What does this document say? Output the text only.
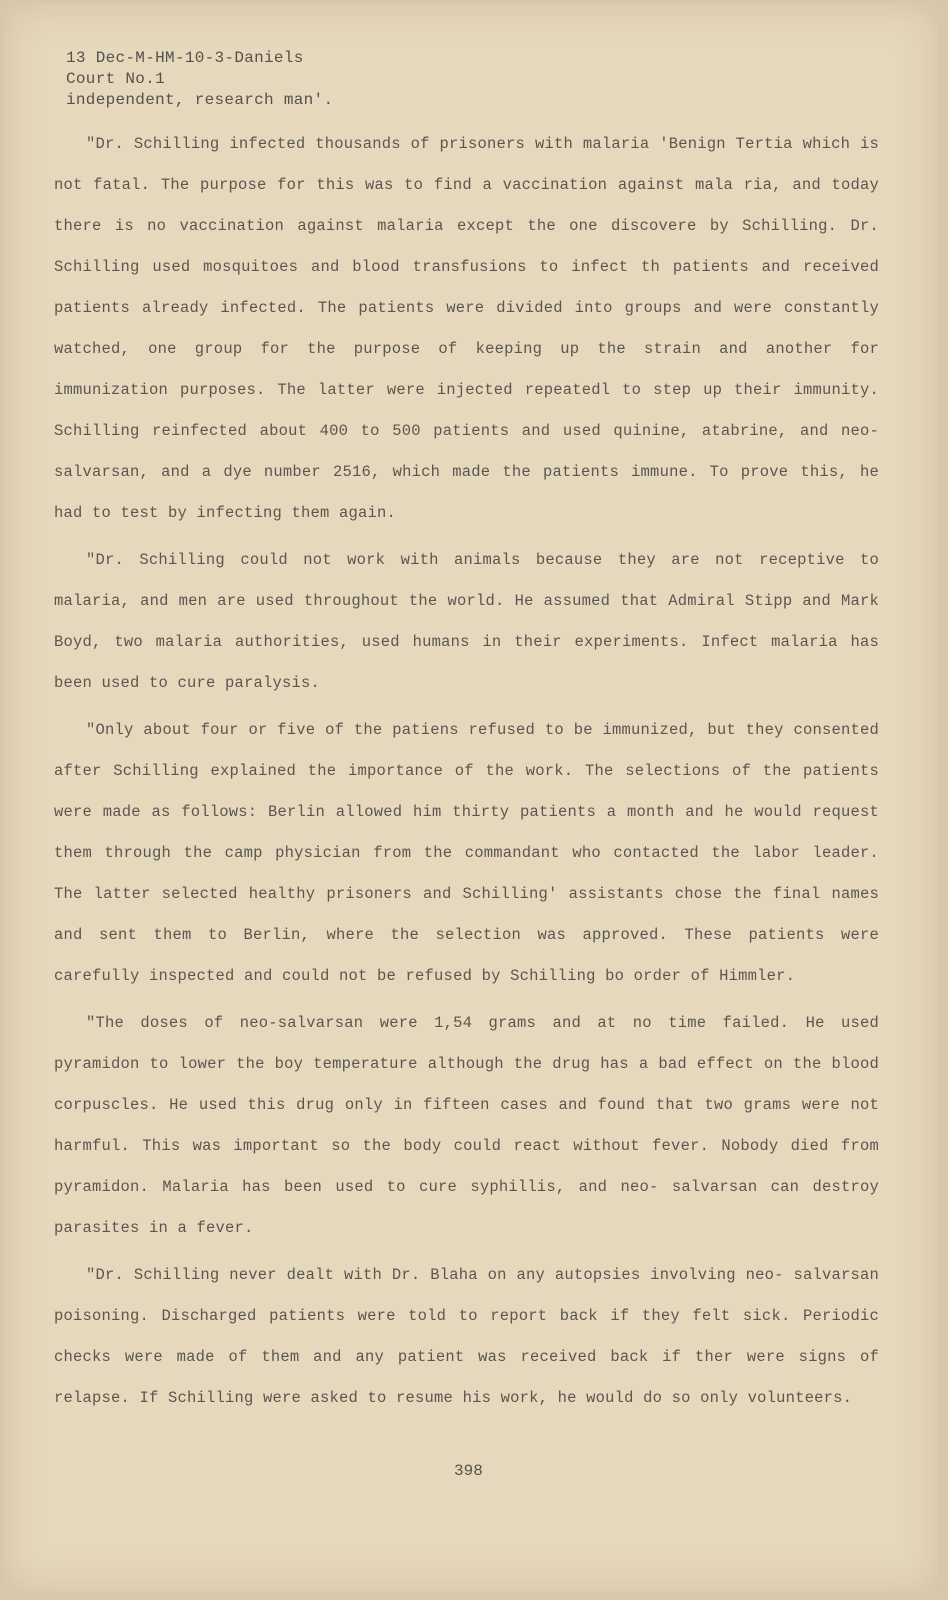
13 Dec-M-HM-10-3-Daniels
Court No.1
independent, research man'.

"Dr. Schilling infected thousands of prisoners with malaria 'Benign Tertia which is not fatal. The purpose for this was to find a vaccination against mala ria, and today there is no vaccination against malaria except the one discovere by Schilling. Dr. Schilling used mosquitoes and blood transfusions to infect th patients and received patients already infected. The patients were divided into groups and were constantly watched, one group for the purpose of keeping up the strain and another for immunization purposes. The latter were injected repeatedl to step up their immunity. Schilling reinfected about 400 to 500 patients and used quinine, atabrine, and neo-salvarsan, and a dye number 2516, which made the patients immune. To prove this, he had to test by infecting them again.

"Dr. Schilling could not work with animals because they are not receptive to malaria, and men are used throughout the world. He assumed that Admiral Stipp and Mark Boyd, two malaria authorities, used humans in their experiments. Infect malaria has been used to cure paralysis.

"Only about four or five of the patiens refused to be immunized, but they consented after Schilling explained the importance of the work. The selections of the patients were made as follows: Berlin allowed him thirty patients a month and he would request them through the camp physician from the commandant who contacted the labor leader. The latter selected healthy prisoners and Schilling' assistants chose the final names and sent them to Berlin, where the selection was approved. These patients were carefully inspected and could not be refused by Schilling bo order of Himmler.

"The doses of neo-salvarsan were 1,54 grams and at no time failed. He used pyramidon to lower the boy temperature although the drug has a bad effect on the blood corpuscles. He used this drug only in fifteen cases and found that two grams were not harmful. This was important so the body could react without fever. Nobody died from pyramidon. Malaria has been used to cure syphillis, and neo- salvarsan can destroy parasites in a fever.

"Dr. Schilling never dealt with Dr. Blaha on any autopsies involving neo- salvarsan poisoning. Discharged patients were told to report back if they felt sick. Periodic checks were made of them and any patient was received back if ther were signs of relapse. If Schilling were asked to resume his work, he would do so only volunteers.

398
